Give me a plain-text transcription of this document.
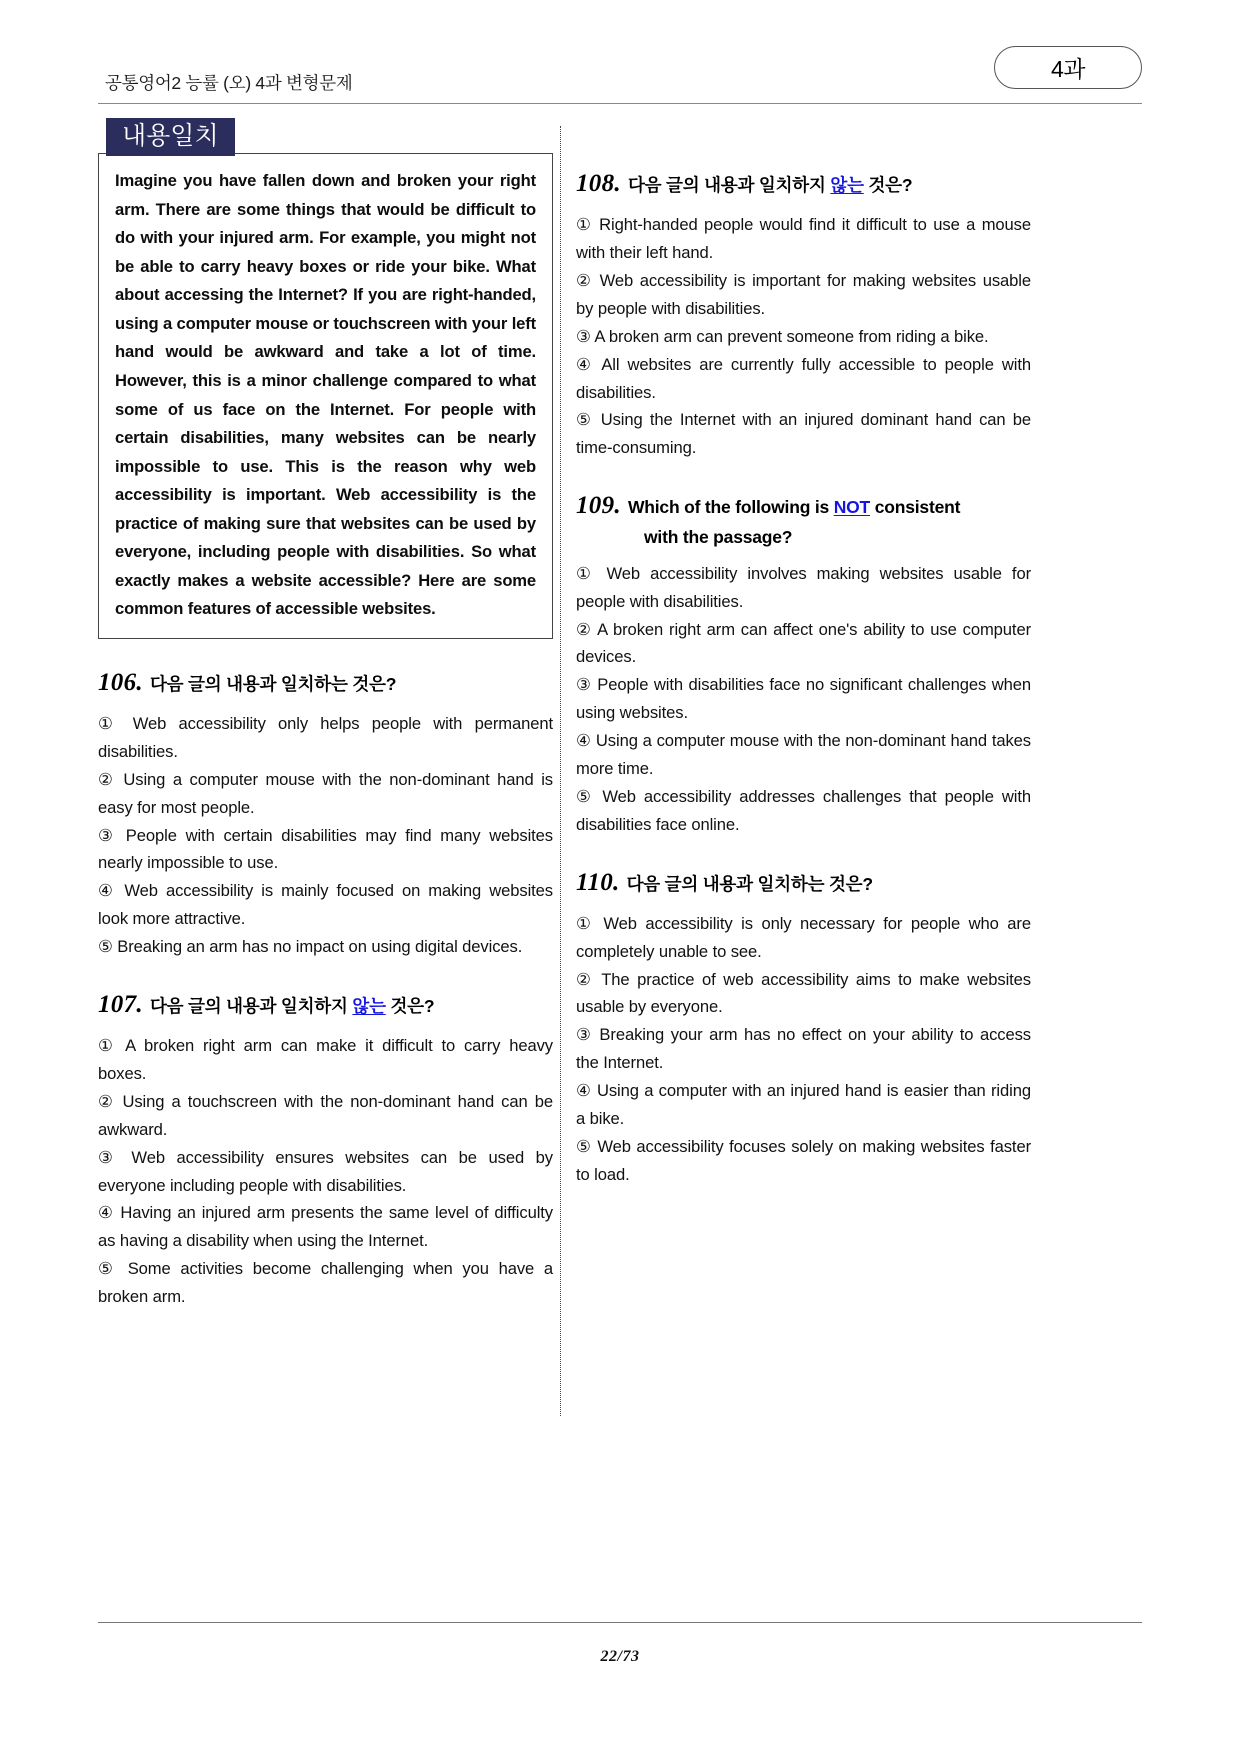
공통영어2 능률 (오) 4과 변형문제
4과
내용일치

Imagine you have fallen down and broken your right arm. There are some things that would be difficult to do with your injured arm. For example, you might not be able to carry heavy boxes or ride your bike. What about accessing the Internet? If you are right-handed, using a computer mouse or touchscreen with your left hand would be awkward and take a lot of time. However, this is a minor challenge compared to what some of us face on the Internet. For people with certain disabilities, many websites can be nearly impossible to use. This is the reason why web accessibility is important. Web accessibility is the practice of making sure that websites can be used by everyone, including people with disabilities. So what exactly makes a website accessible? Here are some common features of accessible websites.

106. 다음 글의 내용과 일치하는 것은?

① Web accessibility only helps people with permanent disabilities.

② Using a computer mouse with the non-dominant hand is easy for most people.

③ People with certain disabilities may find many websites nearly impossible to use.

④ Web accessibility is mainly focused on making websites look more attractive.

⑤ Breaking an arm has no impact on using digital devices.

107. 다음 글의 내용과 일치하지 않는 것은?

① A broken right arm can make it difficult to carry heavy boxes.

② Using a touchscreen with the non-dominant hand can be awkward.

③ Web accessibility ensures websites can be used by everyone including people with disabilities.

④ Having an injured arm presents the same level of difficulty as having a disability when using the Internet.

⑤ Some activities become challenging when you have a broken arm.

108. 다음 글의 내용과 일치하지 않는 것은?

① Right-handed people would find it difficult to use a mouse with their left hand.

② Web accessibility is important for making websites usable by people with disabilities.

③ A broken arm can prevent someone from riding a bike.

④ All websites are currently fully accessible to people with disabilities.

⑤ Using the Internet with an injured dominant hand can be time-consuming.

109. Which of the following is NOT consistent
with the passage?

① Web accessibility involves making websites usable for people with disabilities.

② A broken right arm can affect one's ability to use computer devices.

③ People with disabilities face no significant challenges when using websites.

④ Using a computer mouse with the non-dominant hand takes more time.

⑤ Web accessibility addresses challenges that people with disabilities face online.

110. 다음 글의 내용과 일치하는 것은?

① Web accessibility is only necessary for people who are completely unable to see.

② The practice of web accessibility aims to make websites usable by everyone.

③ Breaking your arm has no effect on your ability to access the Internet.

④ Using a computer with an injured hand is easier than riding a bike.

⑤ Web accessibility focuses solely on making websites faster to load.

22/73
